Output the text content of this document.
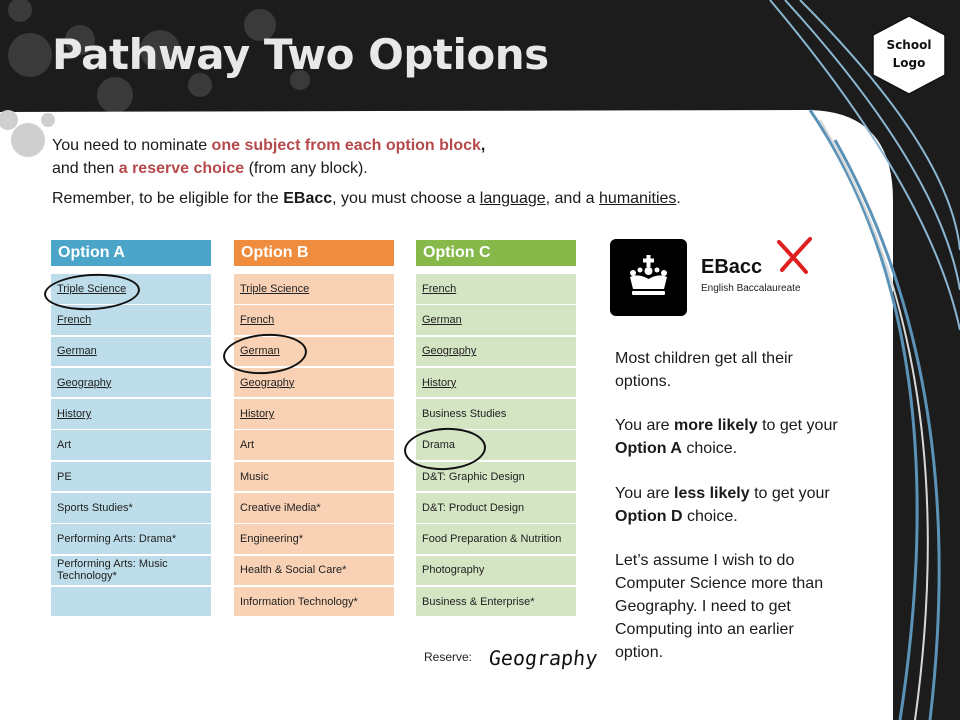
Pathway Two Options	School
Logo
You need to nominate one subject from each option block,
and then a reserve choice (from any block).
Remember, to be eligible for the EBacc, you must choose a language, and a humanities.
Option A
Triple Science
French
German
Geography
History
Art
PE
Sports Studies*
Performing Arts: Drama*
Performing Arts: Music Technology*
Option B
Triple Science
French
German
Geography
History
Art
Music
Creative iMedia*
Engineering*
Health & Social Care*
Information Technology*
Option C
French
German
Geography
History
Business Studies
Drama
D&T: Graphic Design
D&T: Product Design
Food Preparation & Nutrition
Photography
Business & Enterprise*
EBacc
English Baccalaureate
Most children get all their options.
You are more likely to get your Option A choice.
You are less likely to get your Option D choice.
Let’s assume I wish to do Computer Science more than Geography. I need to get Computing into an earlier option.
Reserve: Geography
